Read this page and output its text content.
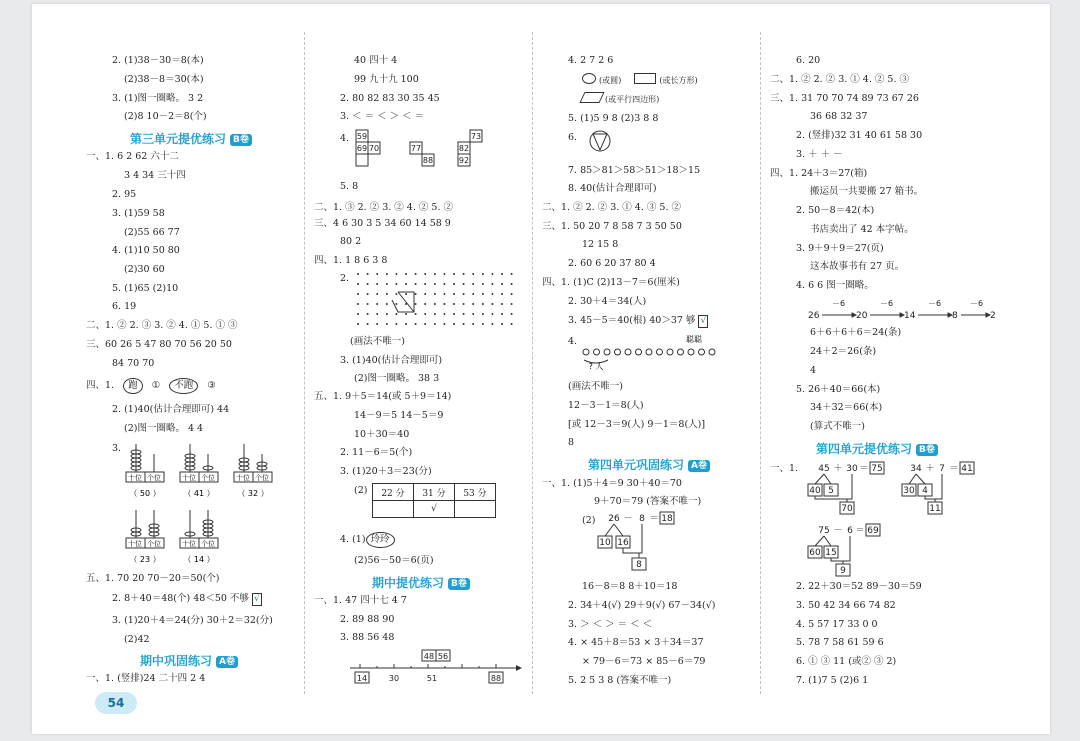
2. (1)38－30＝8(本)
(2)38－8＝30(本)
3. (1)图一圈略。 3 2
(2)8 10－2＝8(个)
第三单元提优练习 B卷
一、1. 6 2 62 六十二
3 4 34 三十四
2. 95
3. (1)59 58
(2)55 66 77
4. (1)10 50 80
(2)30 60
5. (1)65 (2)10
6. 19
二、1. ② 2. ③ 3. ② 4. ① 5. ① ③
三、60 26 5 47 80 70 56 20 50
84 70 70
四、1. 跑 ① 不跑 ③
2. (1)40(估计合理即可) 44
(2)图一圈略。 4 4
3.
十位 个位
（ 50 ）
十位 个位
（ 41 ）
十位 个位
（ 32 ）
十位 个位
（ 23 ）
十位 个位
（ 14 ）
五、1. 70 20 70－20＝50(个)
2. 8＋40＝48(个) 48＜50 不够 √
3. (1)20＋4＝24(分) 30＋2＝32(分)
(2)42
期中巩固练习 A卷
一、1. (竖排)24 二十四 2 4
40 四十 4
99 九十九 100
2. 80 82 83 30 35 45
3. ＜ ＝ ＜ ＞ ＜ ＝
4. 59
69 70	77
88
73
82
92
5. 8
二、1. ③ 2. ② 3. ② 4. ② 5. ②
三、4 6 30 3 5 34 60 14 58 9
80 2
四、1. 1 8 6 3 8
2.
(画法不唯一)
3. (1)40(估计合理即可)
(2)图一圈略。 38 3
五、1. 9＋5＝14(或 5＋9＝14)
14－9＝5 14－5＝9
10＋30＝40
2. 11－6＝5(个)
3. (1)20＋3＝23(分)
(2) 22 分	31 分	53 分
	√	
4. (1) 玲玲
(2)56－50＝6(页)
期中提优练习 B卷
一、1. 47 四十七 4 7
2. 89 88 90
3. 88 56 48
14	30
48 56
51	88
4. 2 7 2 6
(或圆)	(或长方形)
(或平行四边形)
5. (1)5 9 8 (2)3 8 8
6.
7. 85＞81＞58＞51＞18＞15
8. 40(估计合理即可)
二、1. ② 2. ② 3. ① 4. ③ 5. ②
三、1. 50 20 7 8 58 7 3 50 50
12 15 8
2. 60 6 20 37 80 4
四、1. (1)C (2)13－7＝6(厘米)
2. 30＋4＝34(人)
3. 45－5＝40(根) 40＞37 够 √
4.	聪聪
? 人
(画法不唯一)
12－3－1＝8(人)
[或 12－3＝9(人) 9－1＝8(人)]
8
第四单元巩固练习 A卷
一、1. (1)5＋4＝9 30＋40＝70
9＋70＝79 (答案不唯一)
(2) 26 － 8 ＝ 18
10 16
8
16－8＝8 8＋10＝18
2. 34＋4(√) 29＋9(√) 67－34(√)
3. ＞ ＜ ＞ ＝ ＜ ＜
4. × 45＋8＝53 × 3＋34＝37
× 79－6＝73 × 85－6＝79
5. 2 5 3 8 (答案不唯一)
6. 20
二、1. ② 2. ② 3. ① 4. ② 5. ③
三、1. 31 70 70 74 89 73 67 26
36 68 32 37
2. (竖排)32 31 40 61 58 30
3. ＋ ＋ －
四、1. 24＋3＝27(箱)
搬运员一共要搬 27 箱书。
2. 50－8＝42(本)
书店卖出了 42 本字帖。
3. 9＋9＋9＝27(页)
这本故事书有 27 页。
4. 6 6 图一圈略。
26	20	14	8	2
－6	－6	－6	－6
6＋6＋6＋6＝24(条)
24＋2＝26(条)
4
5. 26＋40＝66(本)
34＋32＝66(本)
(算式不唯一)
第四单元提优练习 B卷
一、1. 45 ＋ 30 ＝ 75
40 5
70
34 ＋ 7 ＝ 41
30 4
11
75 － 6 ＝ 69
60 15
9
2. 22＋30＝52 89－30＝59
3. 50 42 34 66 74 82
4. 5 57 17 33 0 0
5. 78 7 58 61 59 6
6. ① ③ 11 (或② ③ 2)
7. (1)7 5 (2)6 1
54
